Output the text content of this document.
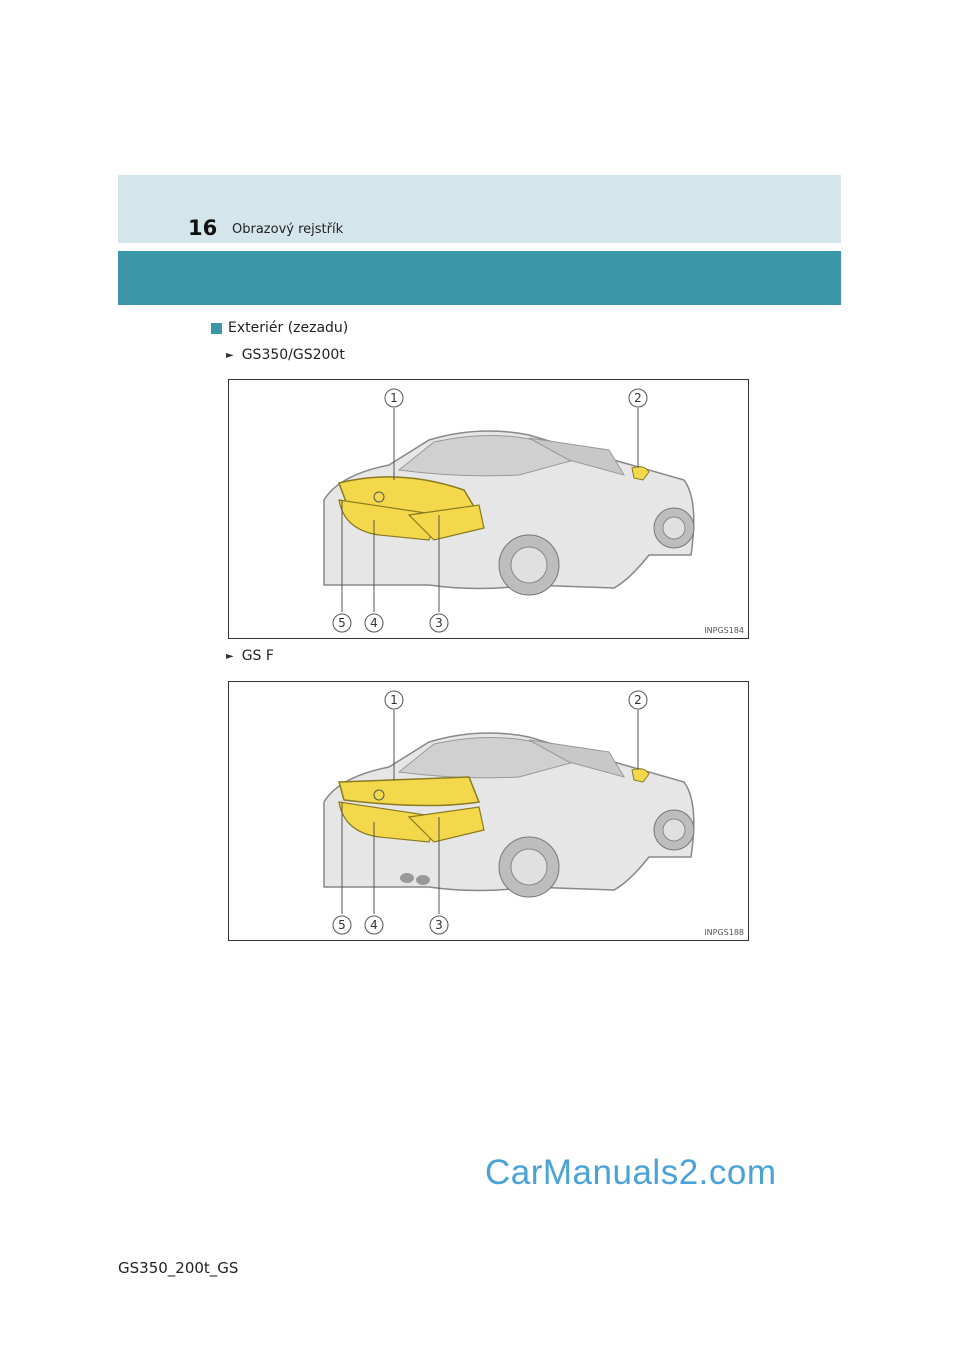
16 Obrazový rejstřík
Exteriér (zezadu)
► GS350/GS200t
1	2
3
4
5
INPGS184
► GS F
1	2
3
4
5
INPGS188
CarManuals2.com
GS350_200t_GS
